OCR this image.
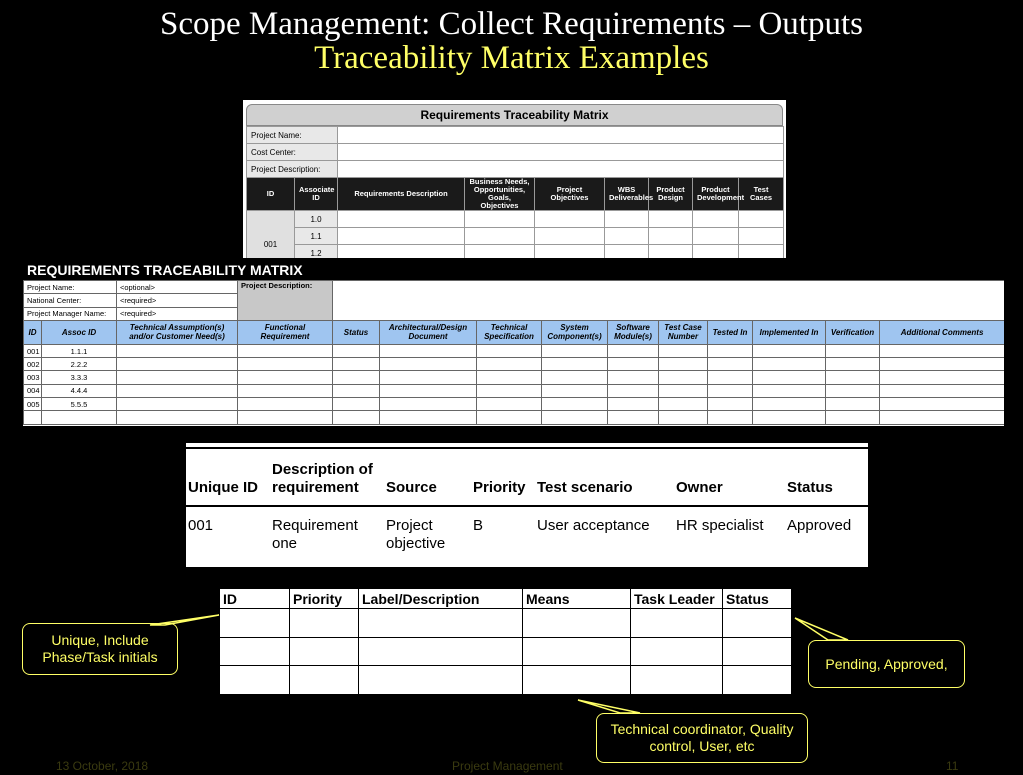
Scope Management: Collect Requirements – Outputs
Traceability Matrix Examples
Requirements Traceability Matrix
Project Name:								
Cost Center:								
Project Description:								
ID	Associate ID	Requirements Description	Business Needs, Opportunities, Goals, Objectives	Project Objectives	WBS Deliverables	Product Design	Product Development	Test Cases
001	1.0							
	1.1							
	1.2							

REQUIREMENTS TRACEABILITY MATRIX
Project Name:		<optional>	Project Description:										
National Center:		<required>											
Project Manager Name:		<required>											
ID	Assoc ID	Technical Assumption(s) and/or Customer Need(s)	Functional Requirement	Status	Architectural/Design Document	Technical Specification	System Component(s)	Software Module(s)	Test Case Number	Tested In	Implemented In	Verification	Additional Comments
001	1.1.1												
002	2.2.2												
003	3.3.3												
004	4.4.4												
005	5.5.5												

Unique ID	Description of requirement	Source	Priority	Test scenario	Owner	Status
001	Requirement one	Project objective	B	User acceptance	HR specialist	Approved
ID	Priority	Label/Description	Means	Task Leader	Status

Unique, Include Phase/Task initials	Pending, Approved,
Technical coordinator, Quality control, User, etc
13 October, 2018	Project Management	11
